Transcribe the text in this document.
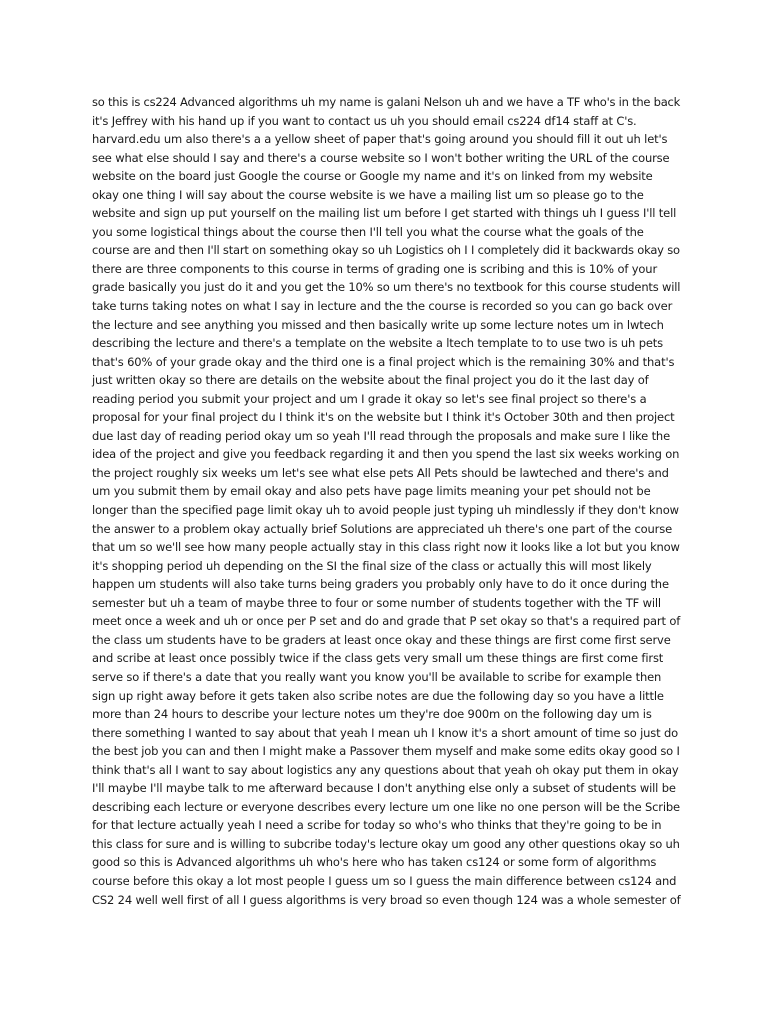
so this is cs224 Advanced algorithms uh my name is galani Nelson uh and we have a TF who's in the back
it's Jeffrey with his hand up if you want to contact us uh you should email cs224 df14 staff at C's.
harvard.edu um also there's a a yellow sheet of paper that's going around you should fill it out uh let's
see what else should I say and there's a course website so I won't bother writing the URL of the course
website on the board just Google the course or Google my name and it's on linked from my website
okay one thing I will say about the course website is we have a mailing list um so please go to the
website and sign up put yourself on the mailing list um before I get started with things uh I guess I'll tell
you some logistical things about the course then I'll tell you what the course what the goals of the
course are and then I'll start on something okay so uh Logistics oh I I completely did it backwards okay so
there are three components to this course in terms of grading one is scribing and this is 10% of your
grade basically you just do it and you get the 10% so um there's no textbook for this course students will
take turns taking notes on what I say in lecture and the the course is recorded so you can go back over
the lecture and see anything you missed and then basically write up some lecture notes um in lwtech
describing the lecture and there's a template on the website a ltech template to to use two is uh pets
that's 60% of your grade okay and the third one is a final project which is the remaining 30% and that's
just written okay so there are details on the website about the final project you do it the last day of
reading period you submit your project and um I grade it okay so let's see final project so there's a
proposal for your final project du I think it's on the website but I think it's October 30th and then project
due last day of reading period okay um so yeah I'll read through the proposals and make sure I like the
idea of the project and give you feedback regarding it and then you spend the last six weeks working on
the project roughly six weeks um let's see what else pets All Pets should be lawteched and there's and
um you submit them by email okay and also pets have page limits meaning your pet should not be
longer than the specified page limit okay uh to avoid people just typing uh mindlessly if they don't know
the answer to a problem okay actually brief Solutions are appreciated uh there's one part of the course
that um so we'll see how many people actually stay in this class right now it looks like a lot but you know
it's shopping period uh depending on the SI the final size of the class or actually this will most likely
happen um students will also take turns being graders you probably only have to do it once during the
semester but uh a team of maybe three to four or some number of students together with the TF will
meet once a week and uh or once per P set and do and grade that P set okay so that's a required part of
the class um students have to be graders at least once okay and these things are first come first serve
and scribe at least once possibly twice if the class gets very small um these things are first come first
serve so if there's a date that you really want you know you'll be available to scribe for example then
sign up right away before it gets taken also scribe notes are due the following day so you have a little
more than 24 hours to describe your lecture notes um they're doe 900m on the following day um is
there something I wanted to say about that yeah I mean uh I know it's a short amount of time so just do
the best job you can and then I might make a Passover them myself and make some edits okay good so I
think that's all I want to say about logistics any any questions about that yeah oh okay put them in okay
I'll maybe I'll maybe talk to me afterward because I don't anything else only a subset of students will be
describing each lecture or everyone describes every lecture um one like no one person will be the Scribe
for that lecture actually yeah I need a scribe for today so who's who thinks that they're going to be in
this class for sure and is willing to subcribe today's lecture okay um good any other questions okay so uh
good so this is Advanced algorithms uh who's here who has taken cs124 or some form of algorithms
course before this okay a lot most people I guess um so I guess the main difference between cs124 and
CS2 24 well well first of all I guess algorithms is very broad so even though 124 was a whole semester of
